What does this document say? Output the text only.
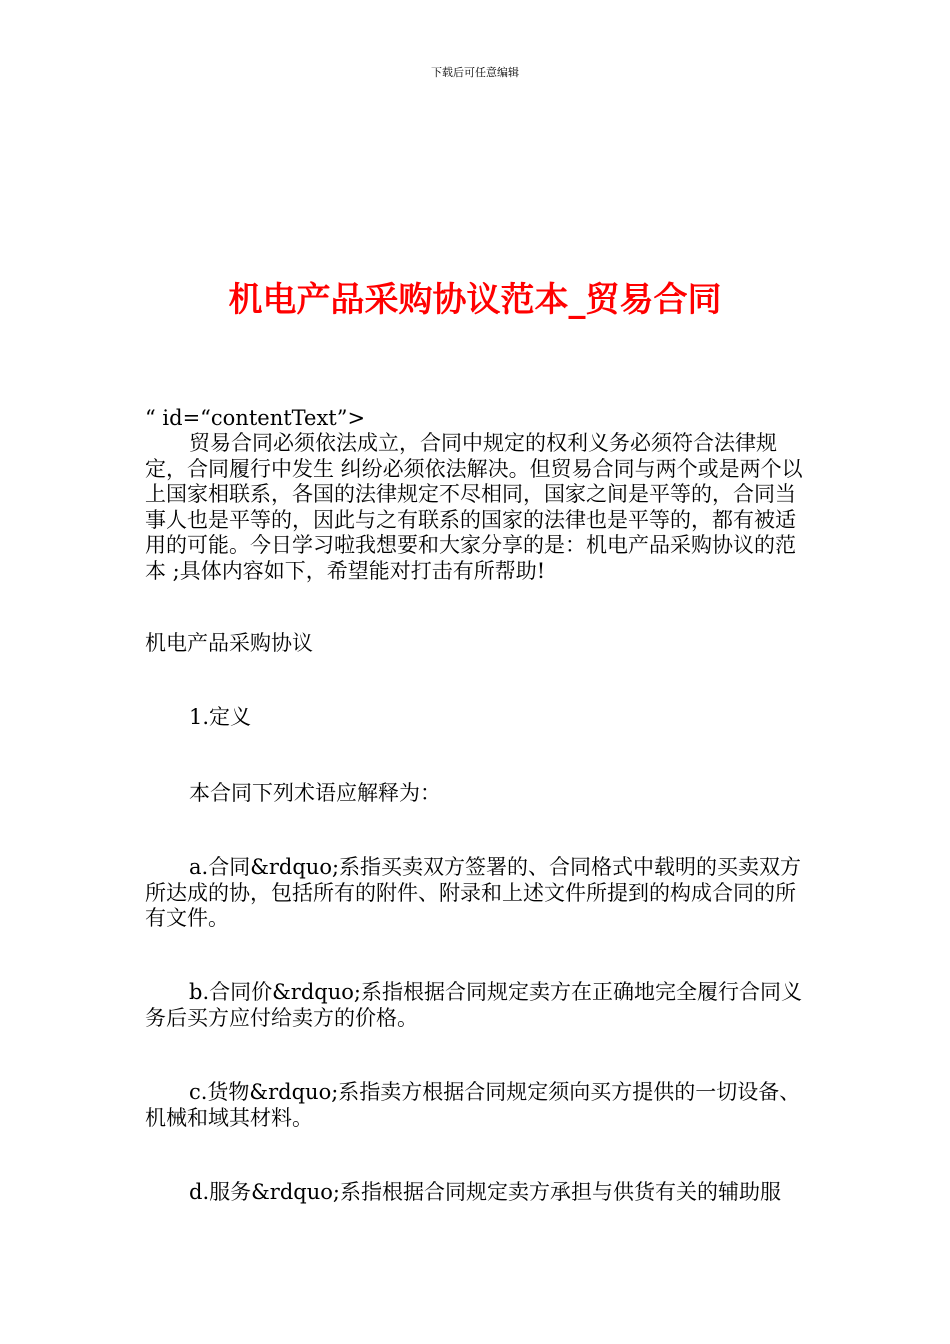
下载后可任意编辑
机电产品采购协议范本_贸易合同

“ id=“contentText”>

贸易合同必须依法成立，合同中规定的权利义务必须符合法律规定，合同履行中发生 纠纷必须依法解决。但贸易合同与两个或是两个以上国家相联系，各国的法律规定不尽相同，国家之间是平等的，合同当事人也是平等的，因此与之有联系的国家的法律也是平等的，都有被适用的可能。今日学习啦我想要和大家分享的是：机电产品采购协议的范本 ;具体内容如下，希望能对打击有所帮助!

机电产品采购协议

1.定义

本合同下列术语应解释为：

a.合同&rdquo;系指买卖双方签署的、合同格式中载明的买卖双方所达成的协，包括所有的附件、附录和上述文件所提到的构成合同的所有文件。

b.合同价&rdquo;系指根据合同规定卖方在正确地完全履行合同义务后买方应付给卖方的价格。

c.货物&rdquo;系指卖方根据合同规定须向买方提供的一切设备、机械和域其材料。

d.服务&rdquo;系指根据合同规定卖方承担与供货有关的辅助服
